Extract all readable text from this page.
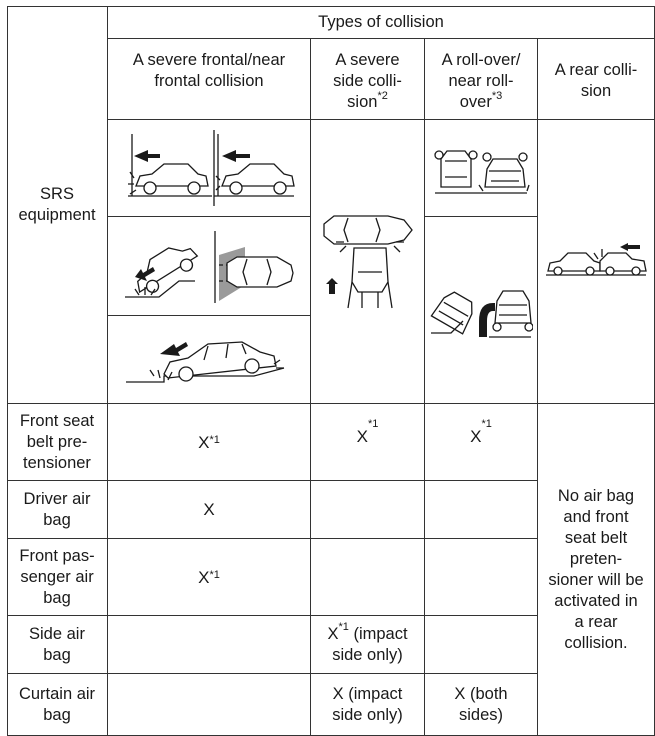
SRS equipment
Types of collision
A severe frontal/near frontal collision
A severe side colli-sion$^{*2}$
A roll-over/ near roll-over$^{*3}$
A rear colli-sion
Front seat belt pre-tensioner
Driver air bag
Front pas-senger air bag
Side air bag
Curtain air bag
$X^{*1}$	X
$^{*1}$
X
$^{*1}$
X
$X^{*1}$
$X^{*1}$ (impact side only)
X (impact side only)
X (both sides)
No air bag and front seat belt preten-sioner will be activated in a rear collision.
